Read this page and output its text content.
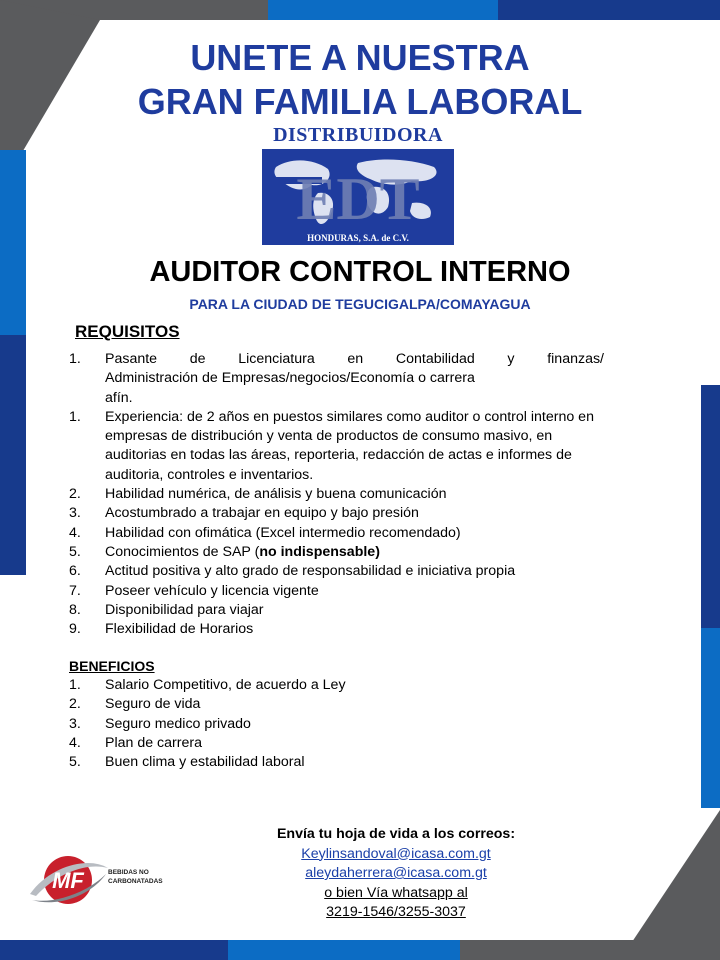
UNETE A NUESTRA
GRAN FAMILIA LABORAL
DISTRIBUIDORA
EDT
HONDURAS, S.A. de C.V.
AUDITOR CONTROL INTERNO
PARA LA CIUDAD DE TEGUCIGALPA/COMAYAGUA
REQUISITOS
1.	Pasante de Licenciatura en Contabilidad y finanzas/
Administración de Empresas/negocios/Economía o carrera
afín.
1.	Experiencia: de 2 años en puestos similares como auditor o control interno en empresas de distribución y venta de productos de consumo masivo, en auditorias en todas las áreas, reporteria, redacción de actas e informes de auditoria, controles e inventarios.
2.	Habilidad numérica, de análisis y buena comunicación
3.	Acostumbrado a trabajar en equipo y bajo presión
4.	Habilidad con ofimática (Excel intermedio recomendado)
5.	Conocimientos de SAP (no indispensable)
6.	Actitud positiva y alto grado de responsabilidad e iniciativa propia
7.	Poseer vehículo y licencia vigente
8.	Disponibilidad para viajar
9.	Flexibilidad de Horarios
BENEFICIOS
1.	Salario Competitivo, de acuerdo a Ley
2.	Seguro de vida
3.	Seguro medico privado
4.	Plan de carrera
5.	Buen clima y estabilidad laboral
MF	BEBIDAS NO
CARBONATADAS
Envía tu hoja de vida a los correos:
Keylinsandoval@icasa.com.gt
aleydaherrera@icasa.com.gt
o bien Vía whatsapp al
3219-1546/3255-3037
